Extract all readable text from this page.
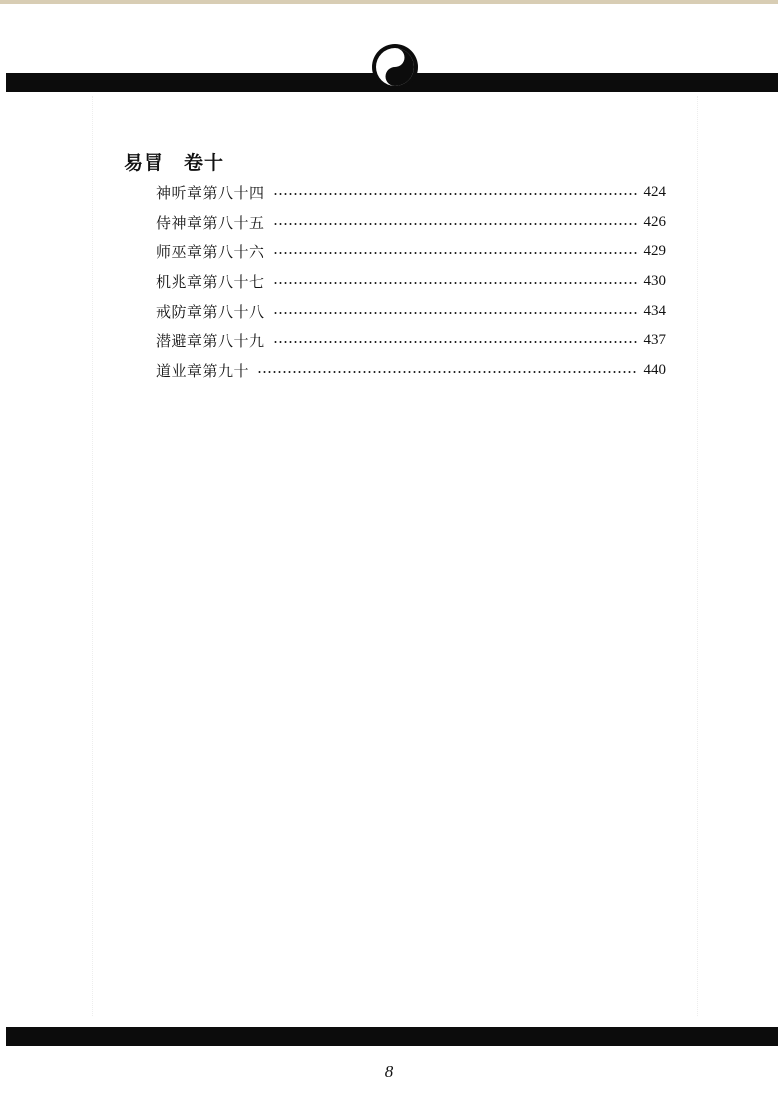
易冒　卷十
神听章第八十四	424
侍神章第八十五	426
师巫章第八十六	429
机兆章第八十七	430
戒防章第八十八	434
潜避章第八十九	437
道业章第九十	440
8
